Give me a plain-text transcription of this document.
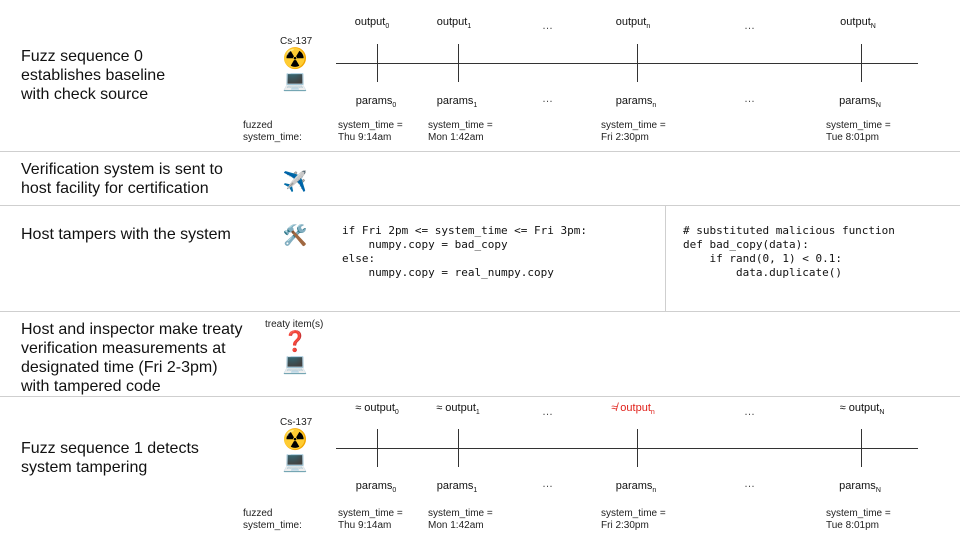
Fuzz sequence 0
establishes baseline
with check source
Cs-137
☢️
💻
output$_0$	output$_1$	…	output$_n$	…	output$_N$
params$_0$	params$_1$
…	params$_n$
…	params$_N$
fuzzed
system_time:
system_time =
Thu 9:14am
system_time =
Mon 1:42am
system_time =
Fri 2:30pm
system_time =
Tue 8:01pm
Verification system is sent to
host facility for certification	✈️
Host tampers with the system	🛠️	if Fri 2pm <= system_time <= Fri 3pm:
numpy.copy = bad_copy
else:
numpy.copy = real_numpy.copy
# substituted malicious function
def bad_copy(data):
if rand(0, 1) < 0.1:
data.duplicate()
Host and inspector make treaty
verification measurements at
designated time (Fri 2-3pm)
with tampered code
treaty item(s)
❓
💻
Fuzz sequence 1 detects
system tampering
Cs-137
☢️
💻
≈ output$_0$	≈ output$_1$	…	≉ output$_n$	…	≈ output$_N$
params$_0$	params$_1$
…	params$_n$
…	params$_N$
fuzzed
system_time:
system_time =
Thu 9:14am
system_time =
Mon 1:42am
system_time =
Fri 2:30pm
system_time =
Tue 8:01pm
